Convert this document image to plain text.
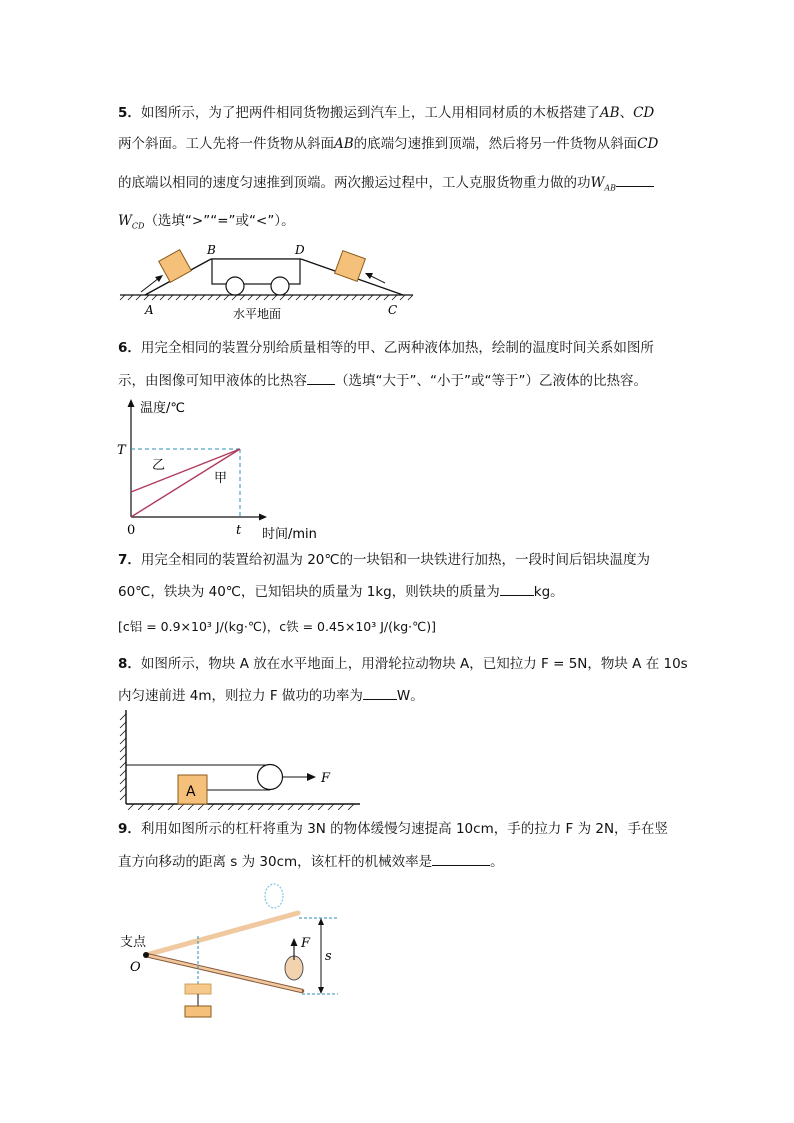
5．如图所示，为了把两件相同货物搬运到汽车上，工人用相同材质的木板搭建了AB、CD
两个斜面。工人先将一件货物从斜面AB的底端匀速推到顶端，然后将另一件货物从斜面CD
的底端以相同的速度匀速推到顶端。两次搬运过程中，工人克服货物重力做的功$W_{AB}$
$W_{CD}$（选填“>”“=”或“<”）。
A
B	D
C
水平地面
6．用完全相同的装置分别给质量相等的甲、乙两种液体加热，绘制的温度时间关系如图所
示，由图像可知甲液体的比热容 （选填“大于”、“小于”或“等于”）乙液体的比热容。
温度/℃
时间/min
0
T
t
乙
甲
7．用完全相同的装置给初温为 20℃的一块铝和一块铁进行加热，一段时间后铝块温度为
60℃，铁块为 40℃，已知铝块的质量为 1kg，则铁块的质量为	kg。
[c铝 = 0.9×10³ J/(kg·℃)，c铁 = 0.45×10³ J/(kg·℃)]
8．如图所示，物块 A 放在水平地面上，用滑轮拉动物块 A，已知拉力 F = 5N，物块 A 在 10s
内匀速前进 4m，则拉力 F 做功的功率为	W。
A
F
9．利用如图所示的杠杆将重为 3N 的物体缓慢匀速提高 10cm，手的拉力 F 为 2N，手在竖
直方向移动的距离 s 为 30cm，该杠杆的机械效率是	。
F
s
支点
O
